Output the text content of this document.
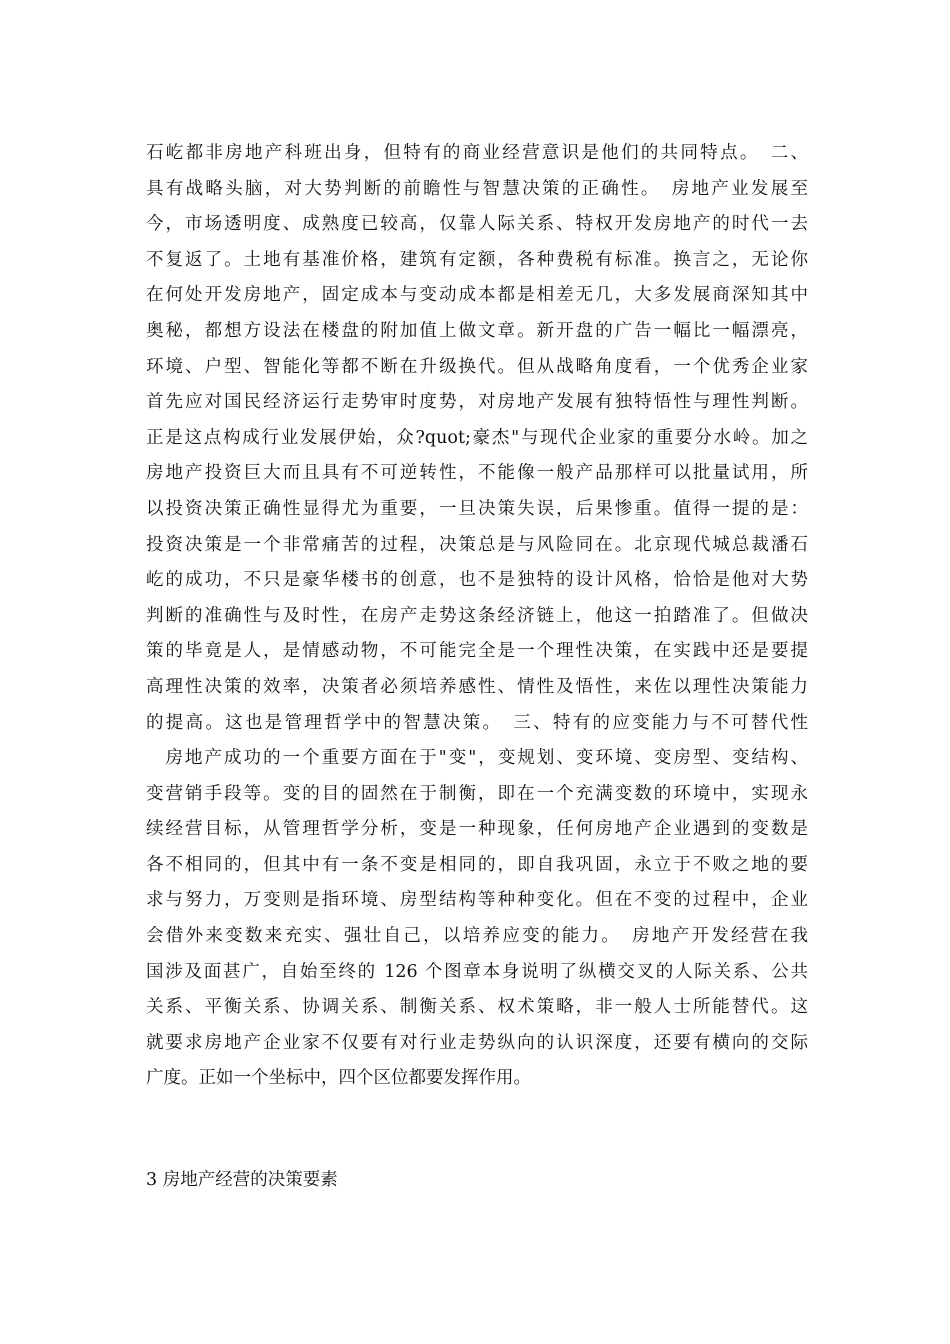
石屹都非房地产科班出身，但特有的商业经营意识是他们的共同特点。　二、
具有战略头脑，对大势判断的前瞻性与智慧决策的正确性。　房地产业发展至
今，市场透明度、成熟度已较高，仅靠人际关系、特权开发房地产的时代一去
不复返了。土地有基准价格，建筑有定额，各种费税有标准。换言之，无论你
在何处开发房地产，固定成本与变动成本都是相差无几，大多发展商深知其中
奥秘，都想方设法在楼盘的附加值上做文章。新开盘的广告一幅比一幅漂亮，
环境、户型、智能化等都不断在升级换代。但从战略角度看，一个优秀企业家
首先应对国民经济运行走势审时度势，对房地产发展有独特悟性与理性判断。
正是这点构成行业发展伊始，众?quot;豪杰"与现代企业家的重要分水岭。加之
房地产投资巨大而且具有不可逆转性，不能像一般产品那样可以批量试用，所
以投资决策正确性显得尤为重要，一旦决策失误，后果惨重。值得一提的是：
投资决策是一个非常痛苦的过程，决策总是与风险同在。北京现代城总裁潘石
屹的成功，不只是豪华楼书的创意，也不是独特的设计风格，恰恰是他对大势
判断的准确性与及时性，在房产走势这条经济链上，他这一拍踏准了。但做决
策的毕竟是人，是情感动物，不可能完全是一个理性决策，在实践中还是要提
高理性决策的效率，决策者必须培养感性、情性及悟性，来佐以理性决策能力
的提高。这也是管理哲学中的智慧决策。　三、特有的应变能力与不可替代性
　房地产成功的一个重要方面在于"变"，变规划、变环境、变房型、变结构、
变营销手段等。变的目的固然在于制衡，即在一个充满变数的环境中，实现永
续经营目标，从管理哲学分析，变是一种现象，任何房地产企业遇到的变数是
各不相同的，但其中有一条不变是相同的，即自我巩固，永立于不败之地的要
求与努力，万变则是指环境、房型结构等种种变化。但在不变的过程中，企业
会借外来变数来充实、强壮自己，以培养应变的能力。　房地产开发经营在我
国涉及面甚广，自始至终的 126 个图章本身说明了纵横交叉的人际关系、公共
关系、平衡关系、协调关系、制衡关系、权术策略，非一般人士所能替代。这
就要求房地产企业家不仅要有对行业走势纵向的认识深度，还要有横向的交际
广度。正如一个坐标中，四个区位都要发挥作用。
3 房地产经营的决策要素
